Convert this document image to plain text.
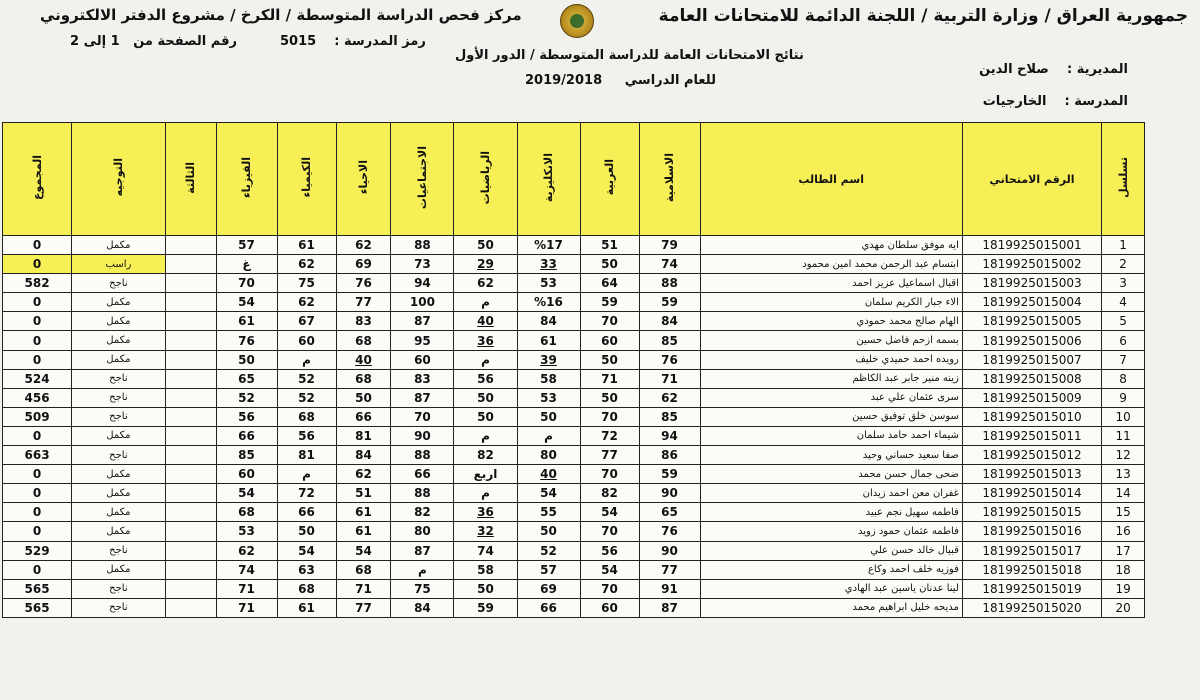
جمهورية العراق / وزارة التربية / اللجنة الدائمة للامتحانات العامة
مركز فحص الدراسة المتوسطة / الكرخ / مشروع الدفتر الالكتروني
نتائج الامتحانات العامة للدراسة المتوسطة / الدور الأول
للعام الدراسي     2019/2018
رمز المدرسة :    5015
رقم الصفحة من   1 إلى 2
المديرية :    صلاح الدين
المدرسة :    الخارجيات
المجموع	التوجيه	الثالثة	الفيزياء	الكيمياء	الاحياء	الاجتماعيات	الرياضيات	الانكليزية	العربية	الاسلامية	اسم الطالب	الرقم الامتحاني	تسلسل
0	مكمل		57	61	62	88	50	%17	51	79	ايه موفق سلطان مهدي	1819925015001	1
0	راسب		غ	62	69	73	29	33	50	74	ابتسام عبد الرحمن محمد امين محمود	1819925015002	2
582	ناجح		70	75	76	94	62	53	64	88	اقبال اسماعيل عزيز احمد	1819925015003	3
0	مكمل		54	62	77	100	م	%16	59	59	الاء جبار الكريم سلمان	1819925015004	4
0	مكمل		61	67	83	87	40	84	70	84	الهام صالح محمد حمودي	1819925015005	5
0	مكمل		76	60	68	95	36	61	60	85	بسمه ازحم فاضل حسين	1819925015006	6
0	مكمل		50	م	40	60	م	39	50	76	رويده احمد حميدي خليف	1819925015007	7
524	ناجح		65	52	68	83	56	58	71	71	زينه منير جابر عبد الكاظم	1819925015008	8
456	ناجح		52	52	50	87	50	53	50	62	سرى عثمان علي عبد	1819925015009	9
509	ناجح		56	68	66	70	50	50	70	85	سوسن خلق توفيق حسين	1819925015010	10
0	مكمل		66	56	81	90	م	م	72	94	شيماء احمد حامد سلمان	1819925015011	11
663	ناجح		85	81	84	88	82	80	77	86	صفا سعيد حساني وحيد	1819925015012	12
0	مكمل		60	م	62	66	اربع	40	70	59	ضحى جمال حسن محمد	1819925015013	13
0	مكمل		54	72	51	88	م	54	82	90	غفران معن احمد زيدان	1819925015014	14
0	مكمل		68	66	61	82	36	55	54	65	فاطمه سهيل نجم عبيد	1819925015015	15
0	مكمل		53	50	61	80	32	50	70	76	فاطمه عثمان حمود زويد	1819925015016	16
529	ناجح		62	54	54	87	74	52	56	90	قبيال خالد حسن علي	1819925015017	17
0	مكمل		74	63	68	م	58	57	54	77	فوزيه خلف احمد وكاع	1819925015018	18
565	ناجح		71	68	71	75	50	69	70	91	لينا عدنان ياسين عبد الهادي	1819925015019	19
565	ناجح		71	61	77	84	59	66	60	87	مديحه خليل ابراهيم محمد	1819925015020	20
